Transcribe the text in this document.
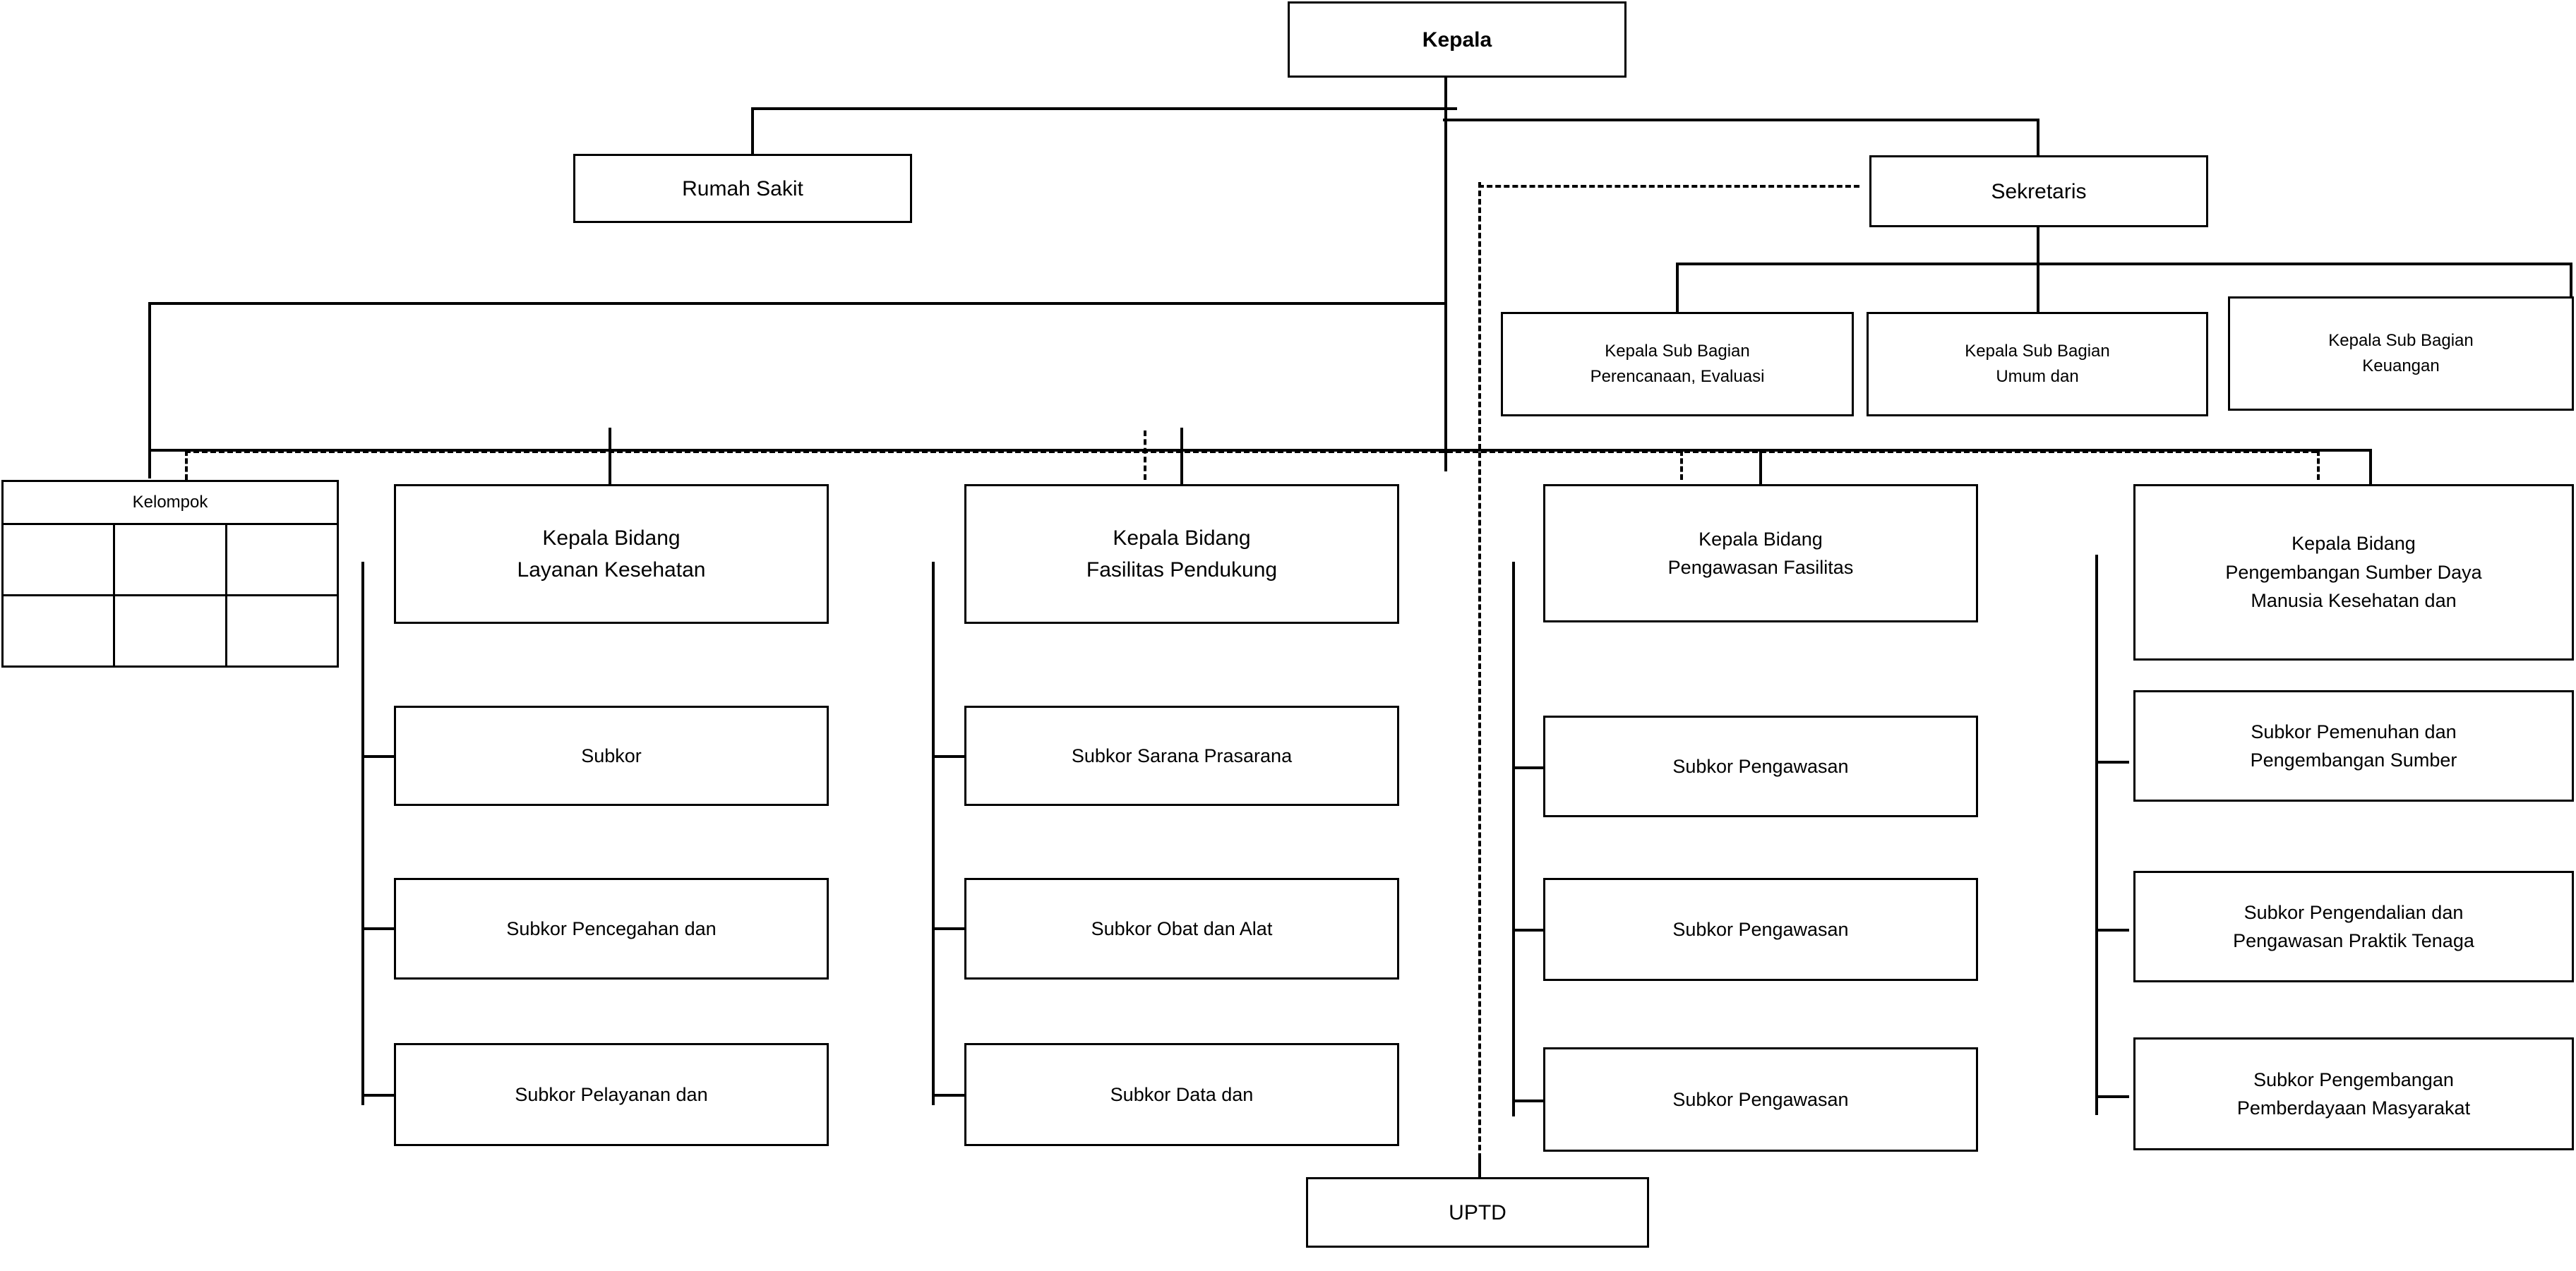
Kepala
Rumah Sakit	Sekretaris
Kepala Sub Bagian
Perencanaan, Evaluasi
Kepala Sub Bagian
Umum dan
Kepala Sub Bagian
Keuangan
Kelompok
Kepala Bidang
Layanan Kesehatan
Kepala Bidang
Fasilitas Pendukung
Kepala Bidang
Pengawasan Fasilitas
Kepala Bidang
Pengembangan Sumber Daya
Manusia Kesehatan dan
Subkor
Subkor Pencegahan dan
Subkor Pelayanan dan
Subkor Sarana Prasarana
Subkor Obat dan Alat
Subkor Data dan
Subkor Pengawasan
Subkor Pengawasan
Subkor Pengawasan
Subkor Pemenuhan dan
Pengembangan Sumber
Subkor Pengendalian dan
Pengawasan Praktik Tenaga
Subkor Pengembangan
Pemberdayaan Masyarakat
UPTD
